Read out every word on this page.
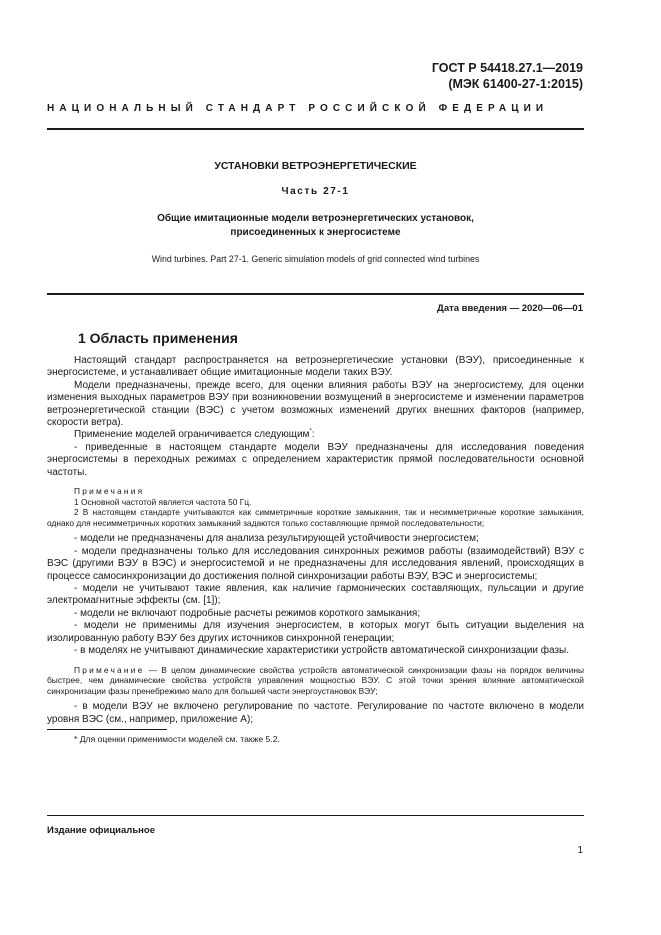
ГОСТ Р 54418.27.1—2019
(МЭК 61400-27-1:2015)
НАЦИОНАЛЬНЫЙ СТАНДАРТ РОССИЙСКОЙ ФЕДЕРАЦИИ
УСТАНОВКИ ВЕТРОЭНЕРГЕТИЧЕСКИЕ
Часть 27-1
Общие имитационные модели ветроэнергетических установок,
присоединенных к энергосистеме
Wind turbines. Part 27-1. Generic simulation models of grid connected wind turbines
Дата введения — 2020—06—01
1 Область применения

Настоящий стандарт распространяется на ветроэнергетические установки (ВЭУ), присоединенные к энергосистеме, и устанавливает общие имитационные модели таких ВЭУ.

Модели предназначены, прежде всего, для оценки влияния работы ВЭУ на энергосистему, для оценки изменения выходных параметров ВЭУ при возникновении возмущений в энергосистеме и изменении параметров ветроэнергетической станции (ВЭС) с учетом возможных изменений других внешних факторов (например, скорости ветра).

Применение моделей ограничивается следующим*:

- приведенные в настоящем стандарте модели ВЭУ предназначены для исследования поведения энергосистемы в переходных режимах с определением характеристик прямой последовательности основной частоты.

Примечания

1 Основной частотой является частота 50 Гц.

2 В настоящем стандарте учитываются как симметричные короткие замыкания, так и несимметричные короткие замыкания, однако для несимметричных коротких замыканий задаются только составляющие прямой последовательности;

- модели не предназначены для анализа результирующей устойчивости энергосистем;

- модели предназначены только для исследования синхронных режимов работы (взаимодействий) ВЭУ с ВЭС (другими ВЭУ в ВЭС) и энергосистемой и не предназначены для исследования явлений, происходящих в процессе самосинхронизации до достижения полной синхронизации работы ВЭУ, ВЭС и энергосистемы;

- модели не учитывают такие явления, как наличие гармонических составляющих, пульсации и другие электромагнитные эффекты (см. [1]);

- модели не включают подробные расчеты режимов короткого замыкания;

- модели не применимы для изучения энергосистем, в которых могут быть ситуации выделения на изолированную работу ВЭУ без других источников синхронной генерации;

- в моделях не учитывают динамические характеристики устройств автоматической синхронизации фазы.

Примечание — В целом динамические свойства устройств автоматической синхронизации фазы на порядок величины быстрее, чем динамические свойства устройств управления мощностью ВЭУ. С этой точки зрения влияние автоматической синхронизации фазы пренебрежимо мало для большей части энергоустановок ВЭУ;

- в модели ВЭУ не включено регулирование по частоте. Регулирование по частоте включено в модели уровня ВЭС (см., например, приложение А);

* Для оценки применимости моделей см. также 5.2.

Издание официальное
1
